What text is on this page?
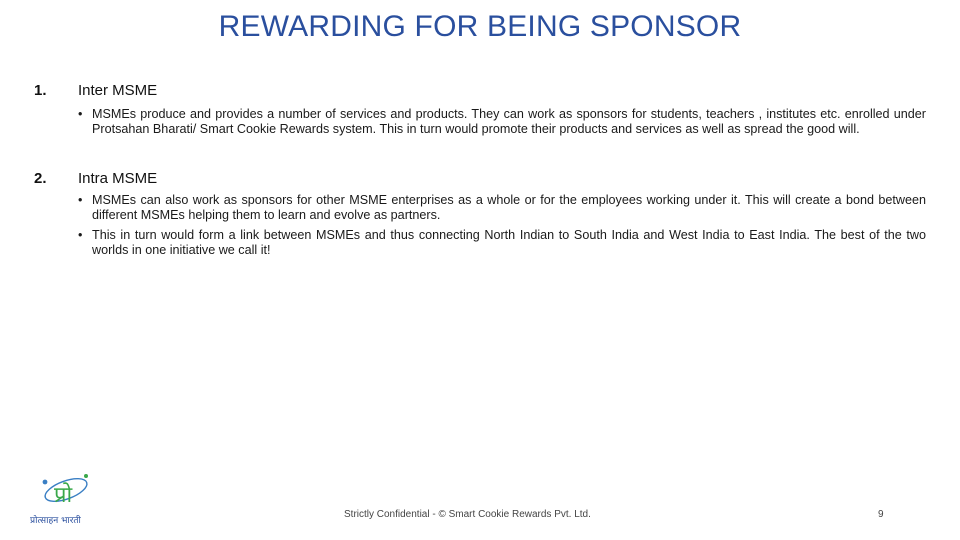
REWARDING FOR BEING SPONSOR
1. Inter MSME
• MSMEs produce and provides a number of services and products. They can work as sponsors for students, teachers , institutes etc. enrolled under Protsahan Bharati/ Smart Cookie Rewards system. This in turn would promote their products and services as well as spread the good will.
2. Intra MSME
• MSMEs can also work as sponsors for other MSME enterprises as a whole or for the employees working under it. This will create a bond between different MSMEs helping them to learn and evolve as partners.
• This in turn would form a link between MSMEs and thus connecting North Indian to South India and West India to East India. The best of the two worlds in one initiative we call it!
प्रो
प्रोत्साहन भारती
Strictly Confidential - © Smart Cookie Rewards Pvt. Ltd.	9
